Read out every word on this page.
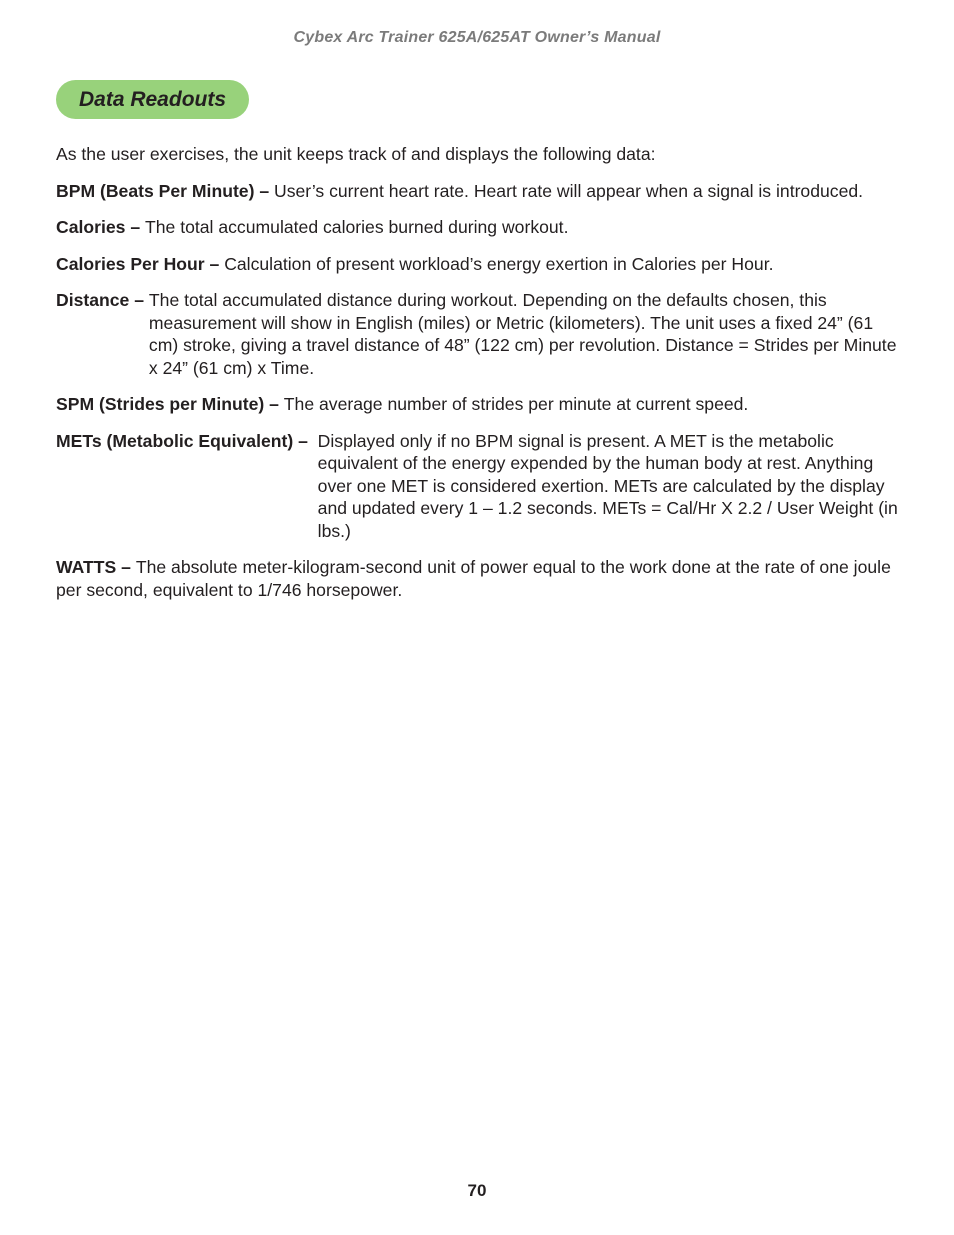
Cybex Arc Trainer 625A/625AT Owner’s Manual
Data Readouts

As the user exercises, the unit keeps track of and displays the following data:

BPM (Beats Per Minute) – User’s current heart rate. Heart rate will appear when a signal is introduced.
Calories – The total accumulated calories burned during workout.
Calories Per Hour – Calculation of present workload’s energy exertion in Calories per Hour.
Distance – The total accumulated distance during workout. Depending on the defaults chosen, this measurement will show in English (miles) or Metric (kilometers). The unit uses a fixed 24” (61 cm) stroke, giving a travel distance of 48” (122 cm) per revolution. Distance = Strides per Minute x 24” (61 cm) x Time.
SPM (Strides per Minute) – The average number of strides per minute at current speed.
METs (Metabolic Equivalent) – Displayed only if no BPM signal is present. A MET is the metabolic equivalent of the energy expended by the human body at rest. Anything over one MET is considered exertion. METs are calculated by the display and updated every 1 – 1.2 seconds. METs = Cal/Hr X 2.2 / User Weight (in lbs.)
WATTS – The absolute meter-kilogram-second unit of power equal to the work done at the rate of one joule per second, equivalent to 1/746 horsepower.
70
